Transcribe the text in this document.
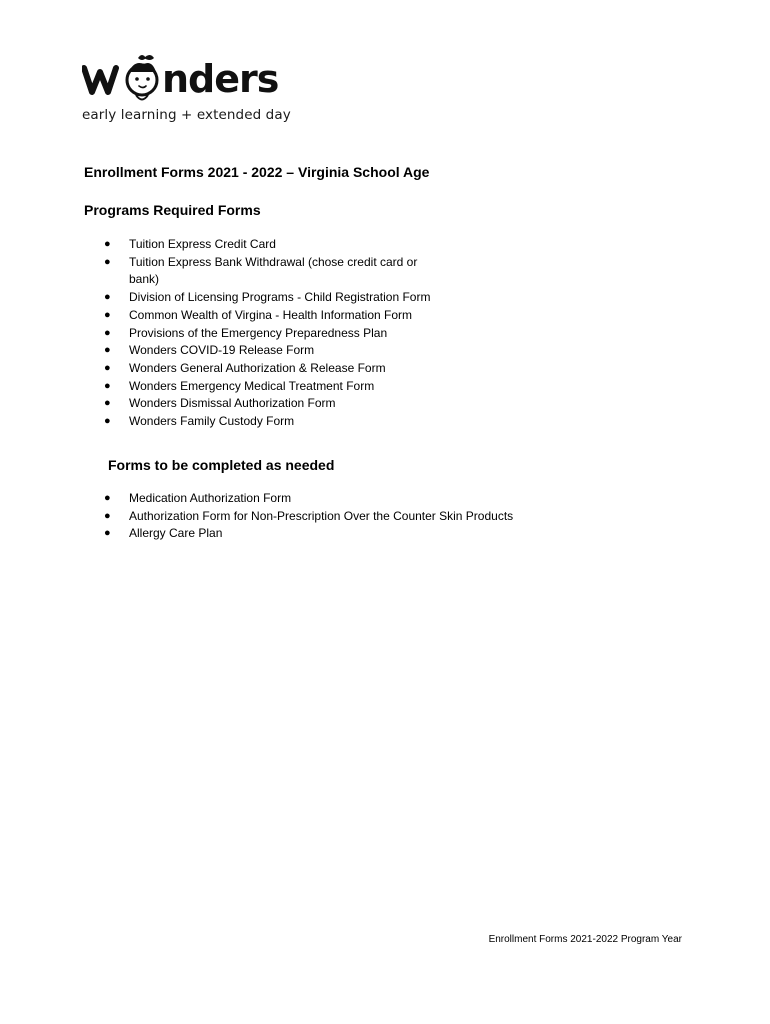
nders
early learning + extended day
Enrollment Forms 2021 - 2022 – Virginia School Age
Programs Required Forms
● Tuition Express Credit Card
● Tuition Express Bank Withdrawal (chose credit card or bank)
● Division of Licensing Programs - Child Registration Form
● Common Wealth of Virgina - Health Information Form
● Provisions of the Emergency Preparedness Plan
● Wonders COVID-19 Release Form
● Wonders General Authorization & Release Form
● Wonders Emergency Medical Treatment Form
● Wonders Dismissal Authorization Form
● Wonders Family Custody Form
Forms to be completed as needed
● Medication Authorization Form
● Authorization Form for Non-Prescription Over the Counter Skin Products
● Allergy Care Plan
Enrollment Forms 2021-2022 Program Year
